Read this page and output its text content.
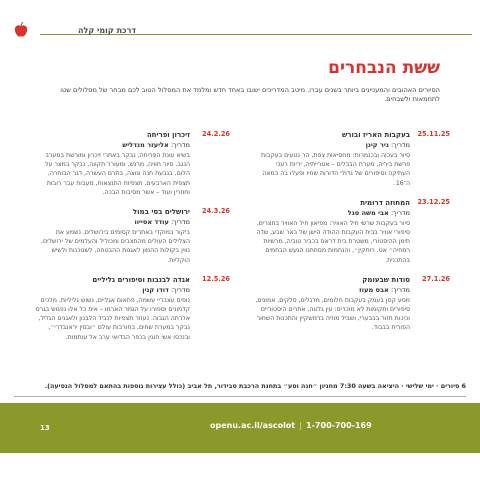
דרכת קומי קלה
ששת הנבחרים
הסיורים האהובים והמעניינים ביותר בשנים עברו. מיטב המדריכים ישובו באחד חדש ומלמד את המסלול הטוב לכם מבחר של מסלולים שטו לתחמאות ולשבחים.
25.11.25
בעקבות האריז ובורש
מדריך: ניר קינן
סיור בעכוה ובכנמרות: מחסיאות צפת, הר נטעים בעקבות פרשת ביריה, מערת הבבלים – אטרייתיה, יריות רעכי העתיקה וסיפורים של גדולי הדורות שחיו ופעלו בה במאה ה־16.
23.12.25
המחוזה דרומית
מדריך: אבי משה סגל
סיור בעקבות שרשי חיל האוויר: מפיאון חיל האוויר בחצרים, סיפורי אוויר בבית העקבות ההודה הישן של באר שבע, שדה תימן ההיסטורי, משטרת בית דראס בכביר טוביה, מרשיות רמחיה״ אט. רוחקין״, והנחמות מסחתנו הגעש הבחמים בהתכנית.
27.1.26
סודות שבעומק
מדריך: אבס מעוז
מסע קסן בעמק בעקבות חלומים, מרגלים, סלקים, אמונים, סיפורים ותקומות לא מוכרים: עין גלטה, אתרים היסטוריים וכיכות חזור בבבערי, ושביל מוזיה ברמשקיין והתכנות השחור הפורית בבבוד.
24.2.26
זיכרון ופריחה
מדריך: אליעזר מנדליש
בשיא עונת הפריחה, נבקר באתרי זיכרון ומורשת במערב הנגב. סיור חוויה, מרגש, ומעורר תקווה, נבקר במצר על הלום, בגבעת חנה ונוצה, בתרם העשרה, דגר הבוחרה, תצפית הארבעים, תצפיות התנצאות, מעבות עבר רובות וחוזרין ועוד – אשר מסיבות הבכה.
24.3.26
ירושלים בסי במול
מדריך: עודד אסייוו
ביקור במוקדי באתרים קסומים בירושלים. נשמע את הצלילים העולים מהחצבים ומכוליל והעלמים של ירושלים, נווין בקולות ההמון לאגנות ההבטחה, לשנוכנות ולשיש הוקליות.
12.5.26
אגדה לבנבות וסיפורים גליליים
מדריך: דודו קנין
נופים עצבריי עשמה, פתאום אגליים, נשוש גליליות, מלכים קדמונים וספורו על הגמר הארמו – אית כל אלו נפגוש בגרס אלרתה הגבוה. נעוזר תצפיות לנביד הלבנון ולאגנים הגליל, נבקר במערת שחים, בחורבות עולם ״ובסין יראנבדרי״, ובנכסו אשי חוגין בכפר הבדואי ערב אל עותמות.
6 סיורים · ימי שלישי · היציאה בשעה 7:30 מחניון ״חנה וסע״ בתחנת הרכבת סבידור, תל אביב (כולל עצירות נוספות בהתאם למסלול הנסיעה).
13	openu.ac.il/ascolot | 1-700-700-169
